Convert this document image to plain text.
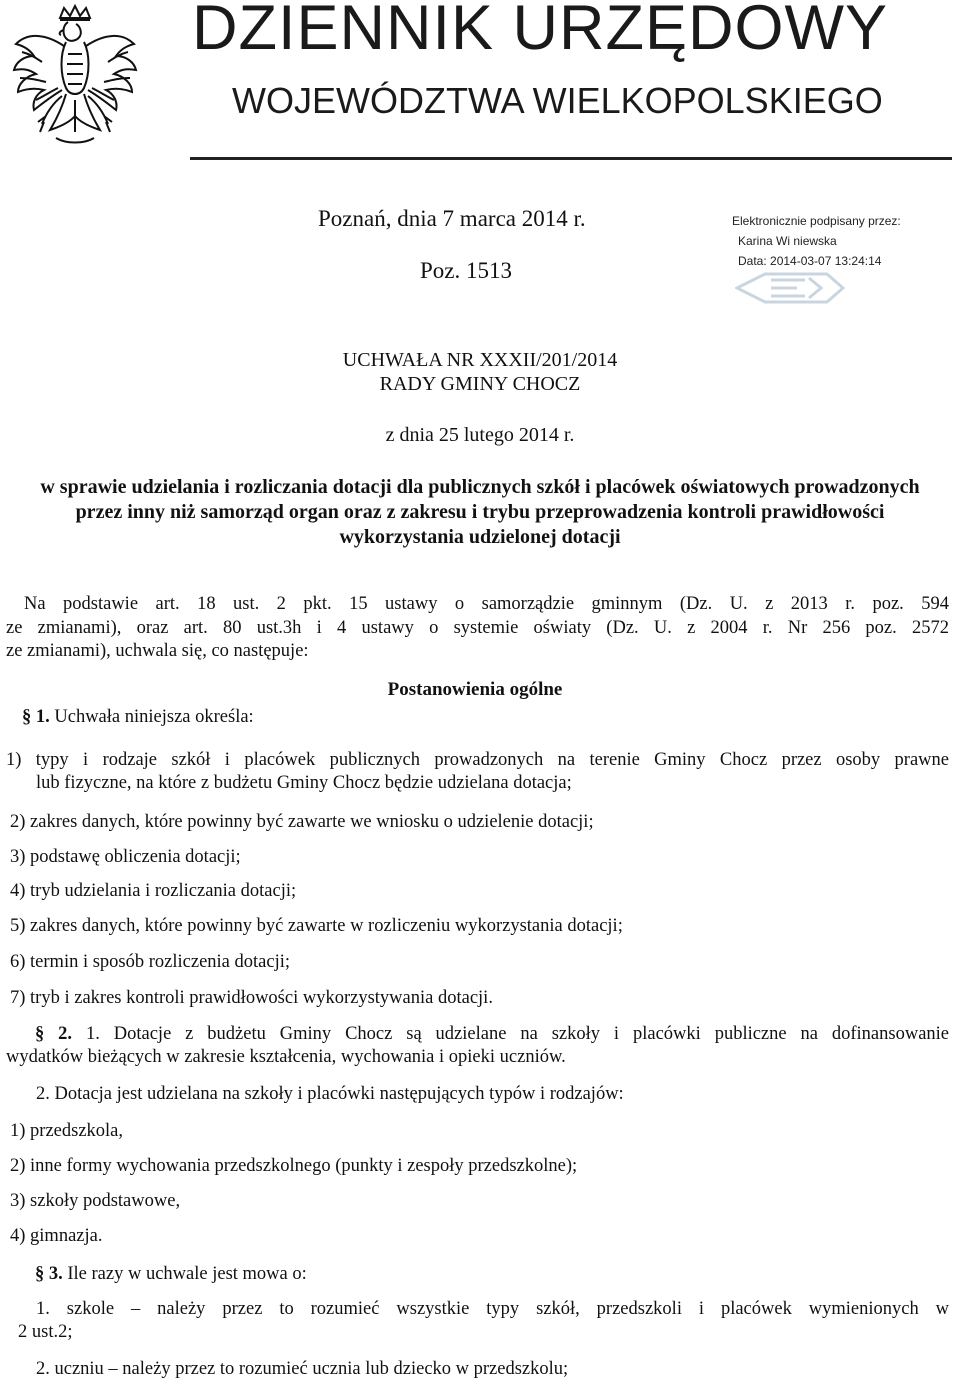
DZIENNIK URZĘDOWY
WOJEWÓDZTWA WIELKOPOLSKIEGO
Poznań, dnia 7 marca 2014 r.
Poz. 1513
Elektronicznie podpisany przez:
Karina Wi niewska
Data: 2014-03-07 13:24:14
UCHWAŁA NR XXXII/201/2014
RADY GMINY CHOCZ
z dnia 25 lutego 2014 r.
w sprawie udzielania i rozliczania dotacji dla publicznych szkół i placówek oświatowych prowadzonych
przez inny niż samorząd organ oraz z zakresu i trybu przeprowadzenia kontroli prawidłowości
wykorzystania udzielonej dotacji
Na podstawie art. 18 ust. 2 pkt. 15 ustawy o samorządzie gminnym (Dz. U. z 2013 r. poz. 594
ze zmianami), oraz art. 80 ust.3h i 4 ustawy o systemie oświaty (Dz. U. z 2004 r. Nr 256 poz. 2572
ze zmianami), uchwala się, co następuje:
Postanowienia ogólne
§ 1. Uchwała niniejsza określa:
1) typy i rodzaje szkół i placówek publicznych prowadzonych na terenie Gminy Chocz przez osoby prawne
lub fizyczne, na które z budżetu Gminy Chocz będzie udzielana dotacja;
2) zakres danych, które powinny być zawarte we wniosku o udzielenie dotacji;
3) podstawę obliczenia dotacji;
4) tryb udzielania i rozliczania dotacji;
5) zakres danych, które powinny być zawarte w rozliczeniu wykorzystania dotacji;
6) termin i sposób rozliczenia dotacji;
7) tryb i zakres kontroli prawidłowości wykorzystywania dotacji.
§ 2. 1. Dotacje z budżetu Gminy Chocz są udzielane na szkoły i placówki publiczne na dofinansowanie
wydatków bieżących w zakresie kształcenia, wychowania i opieki uczniów.
2. Dotacja jest udzielana na szkoły i placówki następujących typów i rodzajów:
1) przedszkola,
2) inne formy wychowania przedszkolnego (punkty i zespoły przedszkolne);
3) szkoły podstawowe,
4) gimnazja.
§ 3. Ile razy w uchwale jest mowa o:
1. szkole – należy przez to rozumieć wszystkie typy szkół, przedszkoli i placówek wymienionych w
2 ust.2;
2. uczniu – należy przez to rozumieć ucznia lub dziecko w przedszkolu;
